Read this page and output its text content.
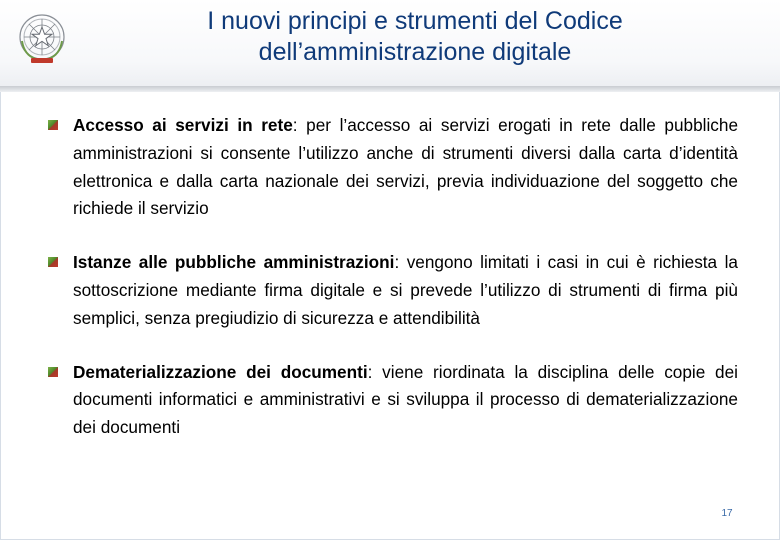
I nuovi principi e strumenti del Codice
dell’amministrazione digitale

Accesso ai servizi in rete: per l’accesso ai servizi erogati in rete dalle pubbliche amministrazioni si consente l’utilizzo anche di strumenti diversi dalla carta d’identità elettronica e dalla carta nazionale dei servizi, previa individuazione del soggetto che richiede il servizio

Istanze alle pubbliche amministrazioni: vengono limitati i casi in cui è richiesta la sottoscrizione mediante firma digitale e si prevede l’utilizzo di strumenti di firma più semplici, senza pregiudizio di sicurezza e attendibilità

Dematerializzazione dei documenti: viene riordinata la disciplina delle copie dei documenti informatici e amministrativi e si sviluppa il processo di dematerializzazione dei documenti

17
